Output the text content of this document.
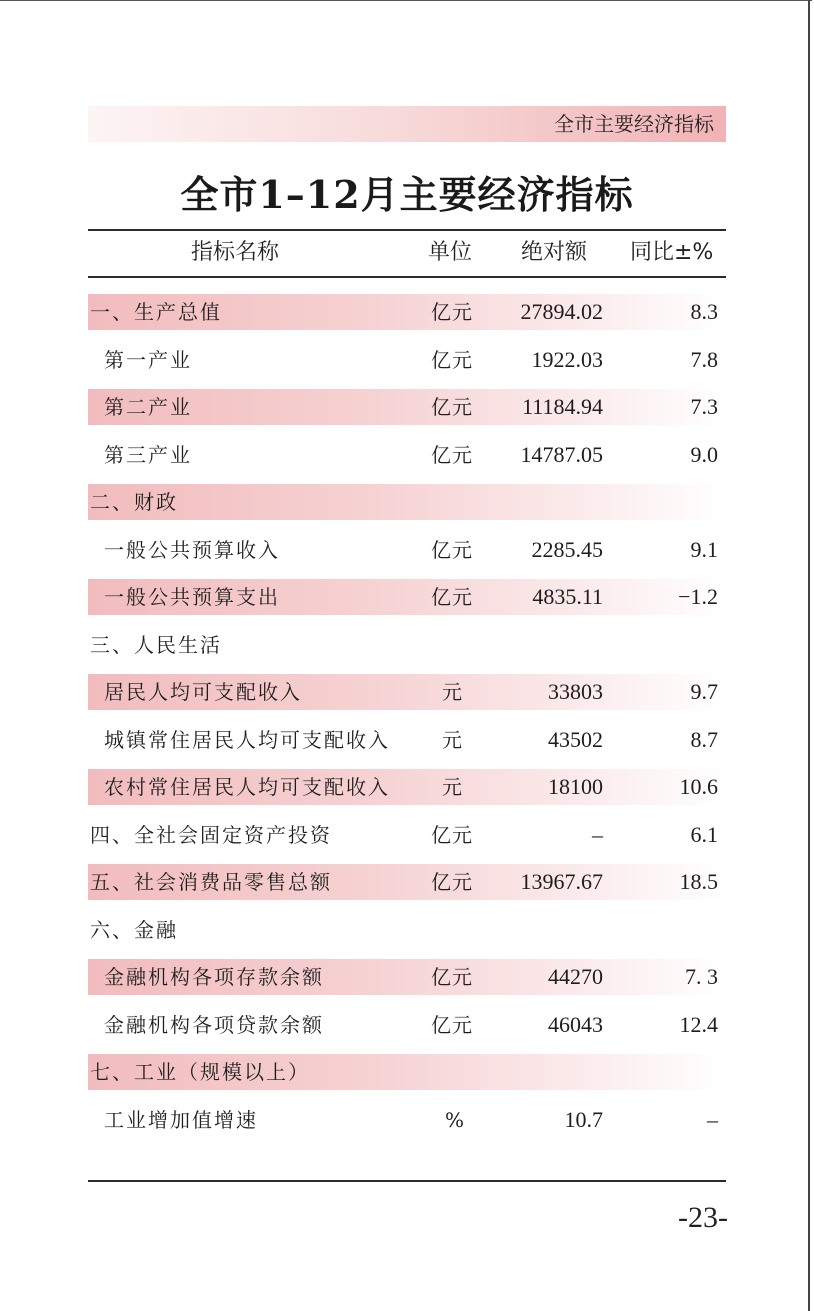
全市主要经济指标
全市1–12月主要经济指标
指标名称	单位 绝对额 同比±%
一、生产总值	亿元 27894.02	8.3
第一产业	亿元	1922.03	7.8
第二产业	亿元 11184.94	7.3
第三产业	亿元 14787.05	9.0
二、财政
一般公共预算收入	亿元	2285.45	9.1
一般公共预算支出	亿元	4835.11	−1.2
三、人民生活
居民人均可支配收入	元	33803	9.7
城镇常住居民人均可支配收入	元	43502	8.7
农村常住居民人均可支配收入	元	18100	10.6
四、全社会固定资产投资	亿元	–	6.1
五、社会消费品零售总额	亿元 13967.67	18.5
六、金融
金融机构各项存款余额	亿元	44270	7. 3
金融机构各项贷款余额	亿元	46043	12.4
七、工业（规模以上）
工业增加值增速	%	10.7	–
-23-
